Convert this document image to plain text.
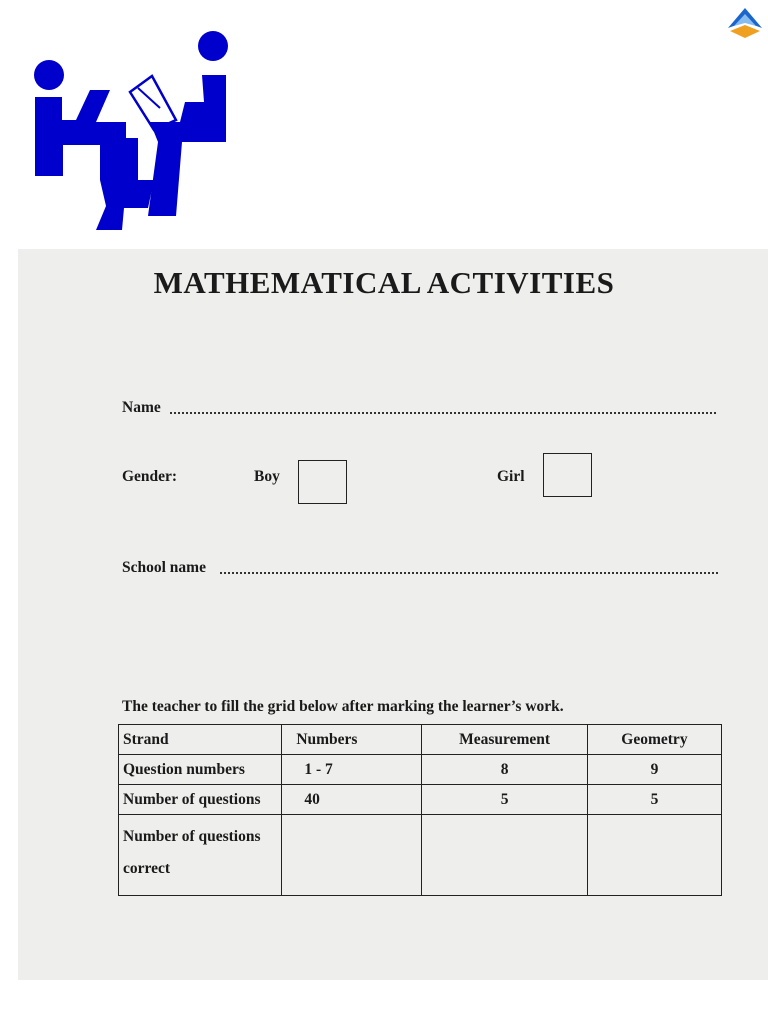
MATHEMATICAL ACTIVITIES
Name
Gender:	Boy	Girl
School name
The teacher to fill the grid below after marking the learner’s work.
Strand	Numbers	Measurement	Geometry
Question numbers	1 - 7	8	9
Number of questions	40	5	5
Number of questions
correct			
